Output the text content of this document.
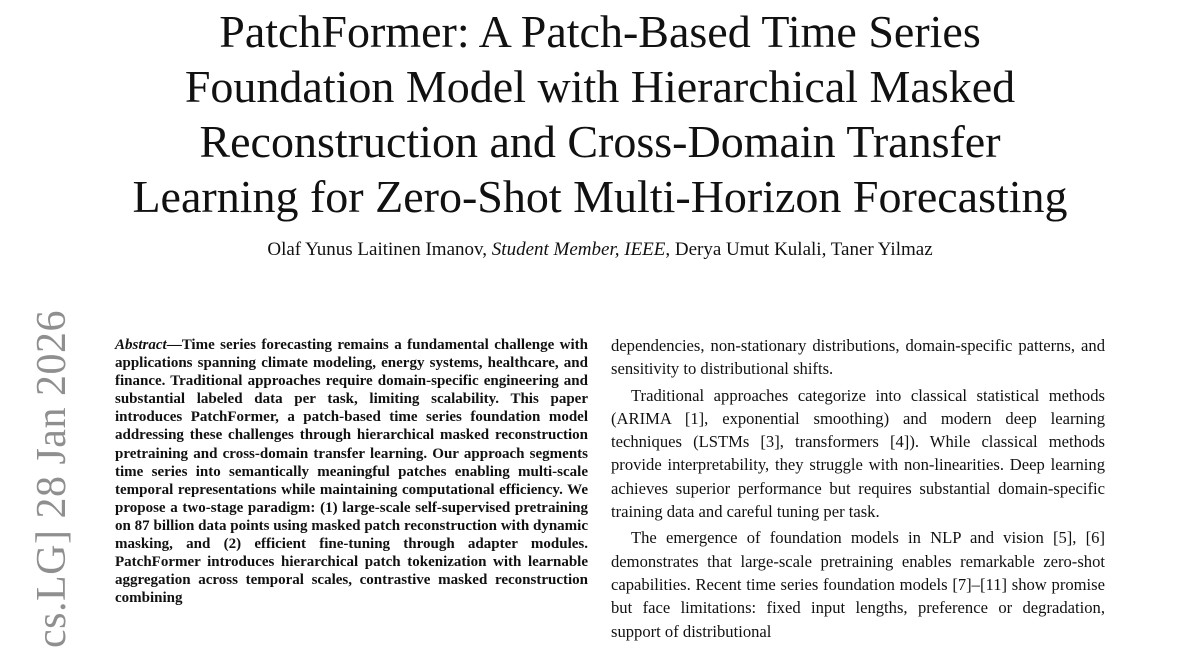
PatchFormer: A Patch-Based Time Series
Foundation Model with Hierarchical Masked
Reconstruction and Cross-Domain Transfer
Learning for Zero-Shot Multi-Horizon Forecasting
Olaf Yunus Laitinen Imanov, Student Member, IEEE, Derya Umut Kulali, Taner Yilmaz
cs.LG] 28 Jan 2026	Abstract—Time series forecasting remains a fundamental challenge with applications spanning climate modeling, energy systems, healthcare, and finance. Traditional approaches require domain-specific engineering and substantial labeled data per task, limiting scalability. This paper introduces PatchFormer, a patch-based time series foundation model addressing these challenges through hierarchical masked reconstruction pretraining and cross-domain transfer learning. Our approach segments time series into semantically meaningful patches enabling multi-scale temporal representations while maintaining computational efficiency. We propose a two-stage paradigm: (1) large-scale self-supervised pretraining on 87 billion data points using masked patch reconstruction with dynamic masking, and (2) efficient fine-tuning through adapter modules. PatchFormer introduces hierarchical patch tokenization with learnable aggregation across temporal scales, contrastive masked reconstruction combining

dependencies, non-stationary distributions, domain-specific patterns, and sensitivity to distributional shifts.

Traditional approaches categorize into classical statistical methods (ARIMA [1], exponential smoothing) and modern deep learning techniques (LSTMs [3], transformers [4]). While classical methods provide interpretability, they struggle with non-linearities. Deep learning achieves superior performance but requires substantial domain-specific training data and careful tuning per task.

The emergence of foundation models in NLP and vision [5], [6] demonstrates that large-scale pretraining enables remarkable zero-shot capabilities. Recent time series foundation models [7]–[11] show promise but face limitations: fixed input lengths, preference or degradation, support of distributional
